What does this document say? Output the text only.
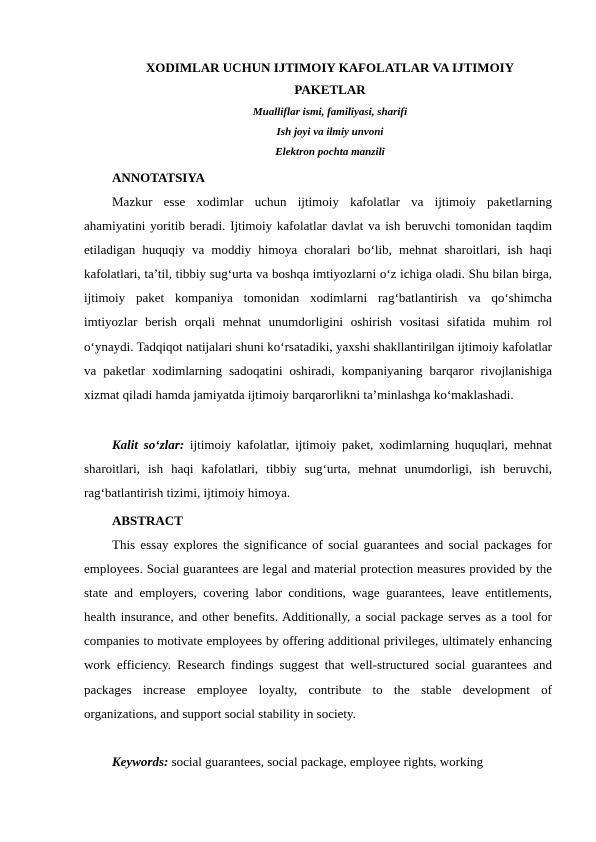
XODIMLAR UCHUN IJTIMOIY KAFOLATLAR VA IJTIMOIY
PAKETLAR
Mualliflar ismi, familiyasi, sharifi
Ish joyi va ilmiy unvoni
Elektron pochta manzili
ANNOTATSIYA

Mazkur esse xodimlar uchun ijtimoiy kafolatlar va ijtimoiy paketlarning ahamiyatini yoritib beradi. Ijtimoiy kafolatlar davlat va ish beruvchi tomonidan taqdim etiladigan huquqiy va moddiy himoya choralari bo‘lib, mehnat sharoitlari, ish haqi kafolatlari, ta’til, tibbiy sug‘urta va boshqa imtiyozlarni o‘z ichiga oladi. Shu bilan birga, ijtimoiy paket kompaniya tomonidan xodimlarni rag‘batlantirish va qo‘shimcha imtiyozlar berish orqali mehnat unumdorligini oshirish vositasi sifatida muhim rol o‘ynaydi. Tadqiqot natijalari shuni ko‘rsatadiki, yaxshi shakllantirilgan ijtimoiy kafolatlar va paketlar xodimlarning sadoqatini oshiradi, kompaniyaning barqaror rivojlanishiga xizmat qiladi hamda jamiyatda ijtimoiy barqarorlikni ta’minlashga ko‘maklashadi.

Kalit so‘zlar: ijtimoiy kafolatlar, ijtimoiy paket, xodimlarning huquqlari, mehnat sharoitlari, ish haqi kafolatlari, tibbiy sug‘urta, mehnat unumdorligi, ish beruvchi, rag‘batlantirish tizimi, ijtimoiy himoya.

ABSTRACT

This essay explores the significance of social guarantees and social packages for employees. Social guarantees are legal and material protection measures provided by the state and employers, covering labor conditions, wage guarantees, leave entitlements, health insurance, and other benefits. Additionally, a social package serves as a tool for companies to motivate employees by offering additional privileges, ultimately enhancing work efficiency. Research findings suggest that well-structured social guarantees and packages increase employee loyalty, contribute to the stable development of organizations, and support social stability in society.

Keywords: social guarantees, social package, employee rights, working
